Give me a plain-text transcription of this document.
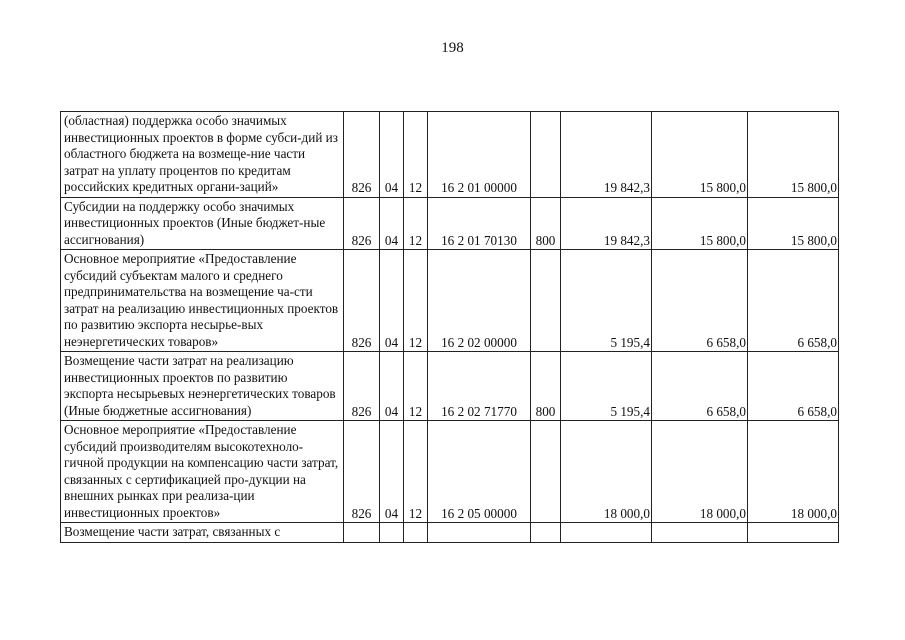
198
(областная) поддержка особо значимых инвестиционных проектов в форме субси-дий из областного бюджета на возмеще-ние части затрат на уплату процентов по кредитам российских кредитных органи-заций»	826	04	12	16 2 01 00000		19 842,3	15 800,0	15 800,0
Субсидии на поддержку особо значимых инвестиционных проектов (Иные бюджет-ные ассигнования)	826	04	12	16 2 01 70130	800	19 842,3	15 800,0	15 800,0
Основное мероприятие «Предоставление субсидий субъектам малого и среднего предпринимательства на возмещение ча-сти затрат на реализацию инвестиционных проектов по развитию экспорта несырье-вых неэнергетических товаров»	826	04	12	16 2 02 00000		5 195,4	6 658,0	6 658,0
Возмещение части затрат на реализацию инвестиционных проектов по развитию экспорта несырьевых неэнергетических товаров (Иные бюджетные ассигнования)	826	04	12	16 2 02 71770	800	5 195,4	6 658,0	6 658,0
Основное мероприятие «Предоставление субсидий производителям высокотехноло-гичной продукции на компенсацию части затрат, связанных с сертификацией про-дукции на внешних рынках при реализа-ции инвестиционных проектов»	826	04	12	16 2 05 00000		18 000,0	18 000,0	18 000,0
Возмещение части затрат, связанных с								
